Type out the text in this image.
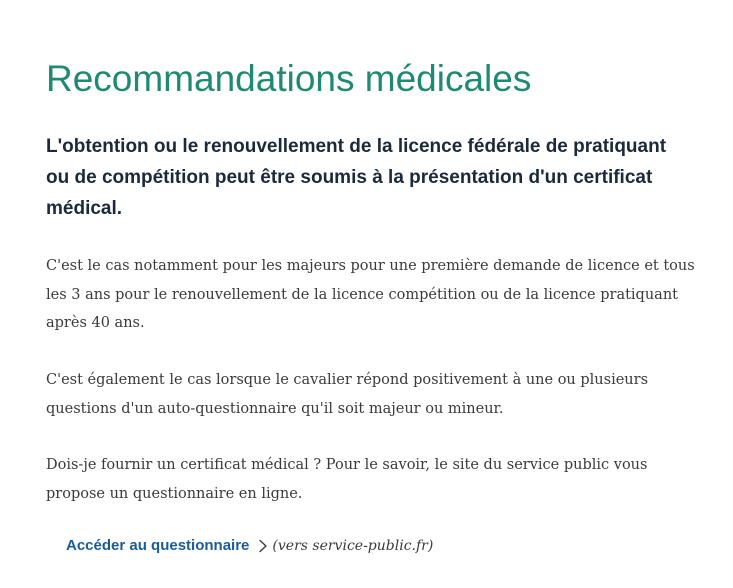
Recommandations médicales

L'obtention ou le renouvellement de la licence fédérale de pratiquant ou de compétition peut être soumis à la présentation d'un certificat médical.

C'est le cas notamment pour les majeurs pour une première demande de licence et tous les 3 ans pour le renouvellement de la licence compétition ou de la licence pratiquant après 40 ans.

C'est également le cas lorsque le cavalier répond positivement à une ou plusieurs questions d'un auto-questionnaire qu'il soit majeur ou mineur.

Dois-je fournir un certificat médical ? Pour le savoir, le site du service public vous propose un questionnaire en ligne.

Accéder au questionnaire (vers service-public.fr)
